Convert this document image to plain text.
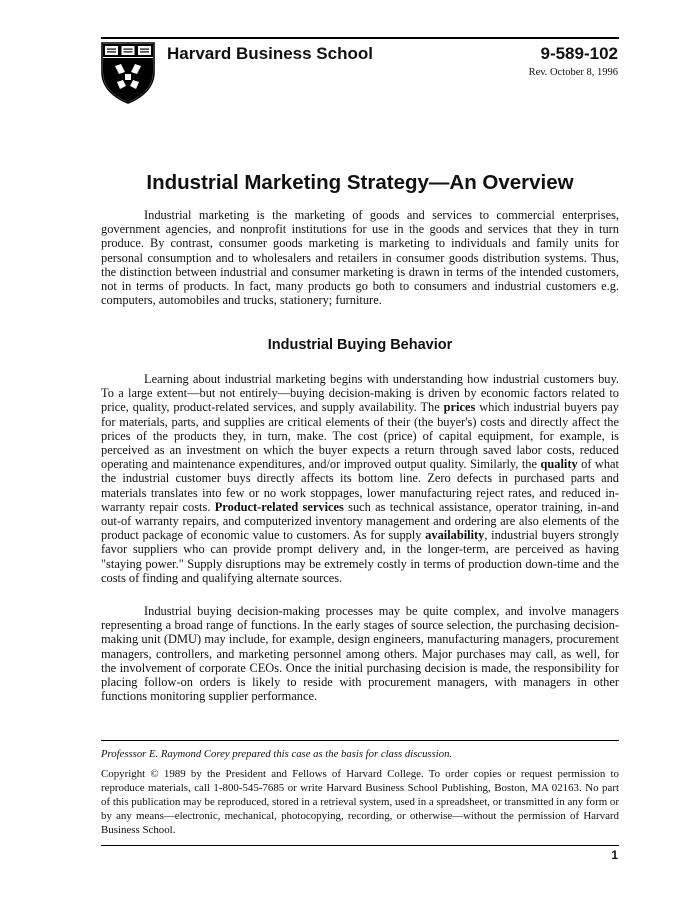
Harvard Business School	9-589-102
Rev. October 8, 1996
Industrial Marketing Strategy—An Overview

Industrial marketing is the marketing of goods and services to commercial enterprises, government agencies, and nonprofit institutions for use in the goods and services that they in turn produce. By contrast, consumer goods marketing is marketing to individuals and family units for personal consumption and to wholesalers and retailers in consumer goods distribution systems. Thus, the distinction between industrial and consumer marketing is drawn in terms of the intended customers, not in terms of products. In fact, many products go both to consumers and industrial customers e.g. computers, automobiles and trucks, stationery; furniture.

Industrial Buying Behavior

Learning about industrial marketing begins with understanding how industrial customers buy. To a large extent—but not entirely—buying decision-making is driven by economic factors related to price, quality, product-related services, and supply availability. The prices which industrial buyers pay for materials, parts, and supplies are critical elements of their (the buyer's) costs and directly affect the prices of the products they, in turn, make. The cost (price) of capital equipment, for example, is perceived as an investment on which the buyer expects a return through saved labor costs, reduced operating and maintenance expenditures, and/or improved output quality. Similarly, the quality of what the industrial customer buys directly affects its bottom line. Zero defects in purchased parts and materials translates into few or no work stoppages, lower manufacturing reject rates, and reduced in-warranty repair costs. Product-related services such as technical assistance, operator training, in-and out-of warranty repairs, and computerized inventory management and ordering are also elements of the product package of economic value to customers. As for supply availability, industrial buyers strongly favor suppliers who can provide prompt delivery and, in the longer-term, are perceived as having "staying power." Supply disruptions may be extremely costly in terms of production down-time and the costs of finding and qualifying alternate sources.

Industrial buying decision-making processes may be quite complex, and involve managers representing a broad range of functions. In the early stages of source selection, the purchasing decision-making unit (DMU) may include, for example, design engineers, manufacturing managers, procurement managers, controllers, and marketing personnel among others. Major purchases may call, as well, for the involvement of corporate CEOs. Once the initial purchasing decision is made, the responsibility for placing follow-on orders is likely to reside with procurement managers, with managers in other functions monitoring supplier performance.

Professsor E. Raymond Corey prepared this case as the basis for class discussion.

Copyright © 1989 by the President and Fellows of Harvard College. To order copies or request permission to reproduce materials, call 1-800-545-7685 or write Harvard Business School Publishing, Boston, MA 02163. No part of this publication may be reproduced, stored in a retrieval system, used in a spreadsheet, or transmitted in any form or by any means—electronic, mechanical, photocopying, recording, or otherwise—without the permission of Harvard Business School.

1
